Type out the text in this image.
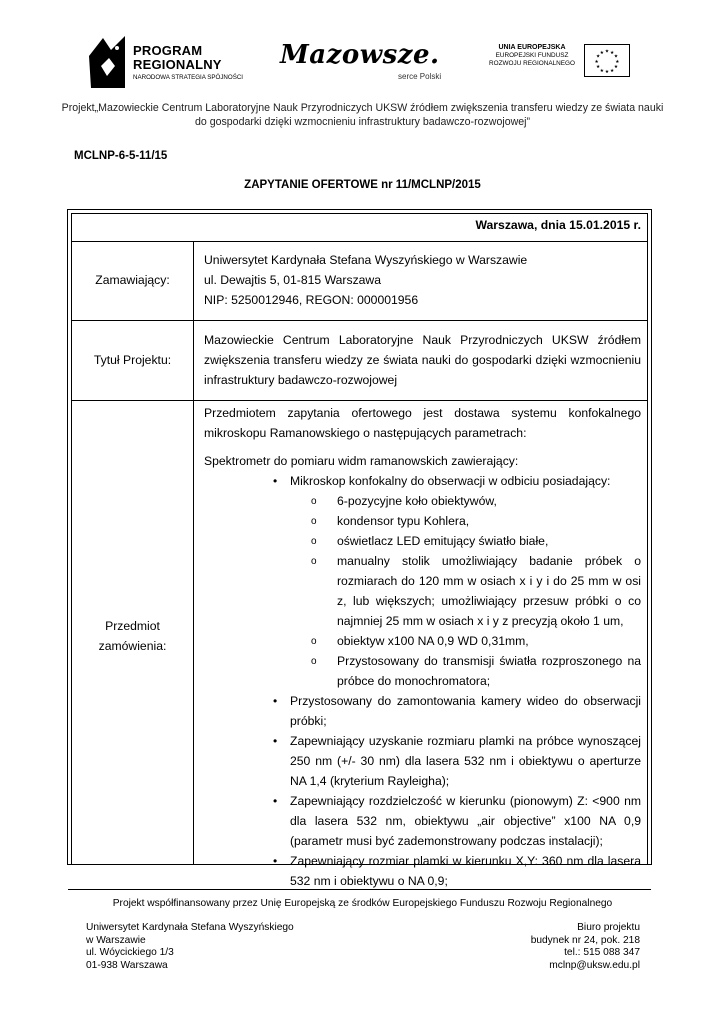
PROGRAM
REGIONALNY
NARODOWA STRATEGIA SPÓJNOŚCI
Mazowsze.
serce Polski
UNIA EUROPEJSKA
EUROPEJSKI FUNDUSZ
ROZWOJU REGIONALNEGO
★ ★
★
★
★
★
★
★
★
★
★
★
Projekt„Mazowieckie Centrum Laboratoryjne Nauk Przyrodniczych UKSW źródłem zwiększenia transferu wiedzy ze świata nauki do gospodarki dzięki wzmocnieniu infrastruktury badawczo-rozwojowej”
MCLNP-6-5-11/15
ZAPYTANIE OFERTOWE nr 11/MCLNP/2015
Warszawa, dnia 15.01.2015 r.
Zamawiający:
Uniwersytet Kardynała Stefana Wyszyńskiego w Warszawie
ul. Dewajtis 5, 01-815 Warszawa
NIP: 5250012946, REGON: 000001956
Tytuł Projektu:
Mazowieckie Centrum Laboratoryjne Nauk Przyrodniczych UKSW źródłem zwiększenia transferu wiedzy ze świata nauki do gospodarki dzięki wzmocnieniu infrastruktury badawczo-rozwojowej
Przedmiot
zamówienia:
Przedmiotem zapytania ofertowego jest dostawa systemu konfokalnego mikroskopu Ramanowskiego o następujących parametrach:
Spektrometr do pomiaru widm ramanowskich zawierający:
• Mikroskop konfokalny do obserwacji w odbiciu posiadający:
o 6-pozycyjne koło obiektywów,
o kondensor typu Kohlera,
o oświetlacz LED emitujący światło białe,
o manualny stolik umożliwiający badanie próbek o rozmiarach do 120 mm w osiach x i y i do 25 mm w osi z, lub większych; umożliwiający przesuw próbki o co najmniej 25 mm w osiach x i y z precyzją około 1 um,
o obiektyw x100 NA 0,9 WD 0,31mm,
o Przystosowany do transmisji światła rozproszonego na próbce do monochromatora;
• Przystosowany do zamontowania kamery wideo do obserwacji próbki;
• Zapewniający uzyskanie rozmiaru plamki na próbce wynoszącej 250 nm (+/- 30 nm) dla lasera 532 nm i obiektywu o aperturze NA 1,4 (kryterium Rayleigha);
• Zapewniający rozdzielczość w kierunku (pionowym) Z: <900 nm dla lasera 532 nm, obiektywu „air objective” x100 NA 0,9 (parametr musi być zademonstrowany podczas instalacji);
• Zapewniający rozmiar plamki w kierunku X,Y: 360 nm dla lasera 532 nm i obiektywu o NA 0,9;
Projekt współfinansowany przez Unię Europejską ze środków Europejskiego Funduszu Rozwoju Regionalnego
Uniwersytet Kardynała Stefana Wyszyńskiego
w Warszawie
ul. Wóycickiego 1/3
01-938 Warszawa
Biuro projektu
budynek nr 24, pok. 218
tel.: 515 088 347
mclnp@uksw.edu.pl
